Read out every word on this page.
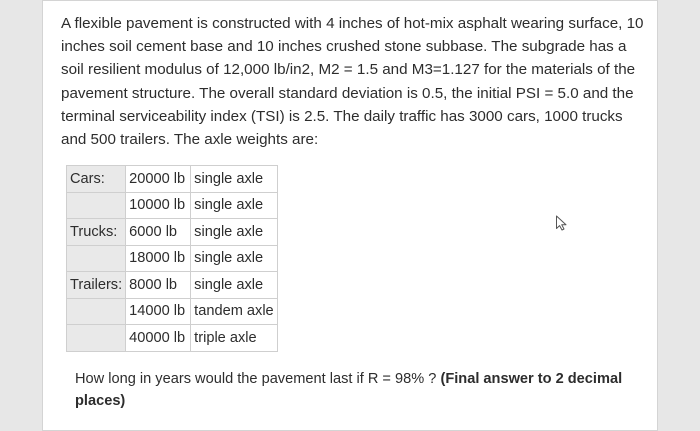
A flexible pavement is constructed with 4 inches of hot-mix asphalt wearing surface, 10 inches soil cement base and 10 inches crushed stone subbase. The subgrade has a soil resilient modulus of 12,000 lb/in2, M2 = 1.5 and M3=1.127 for the materials of the pavement structure. The overall standard deviation is 0.5, the initial PSI = 5.0 and the terminal serviceability index (TSI) is 2.5. The daily traffic has 3000 cars, 1000 trucks and 500 trailers. The axle weights are:

Cars:	20000 lb	single axle
	10000 lb	single axle
Trucks:	6000 lb	single axle
	18000 lb	single axle
Trailers:	8000 lb	single axle
	14000 lb	tandem axle
	40000 lb	triple axle

How long in years would the pavement last if R = 98% ? (Final answer to 2 decimal places)
